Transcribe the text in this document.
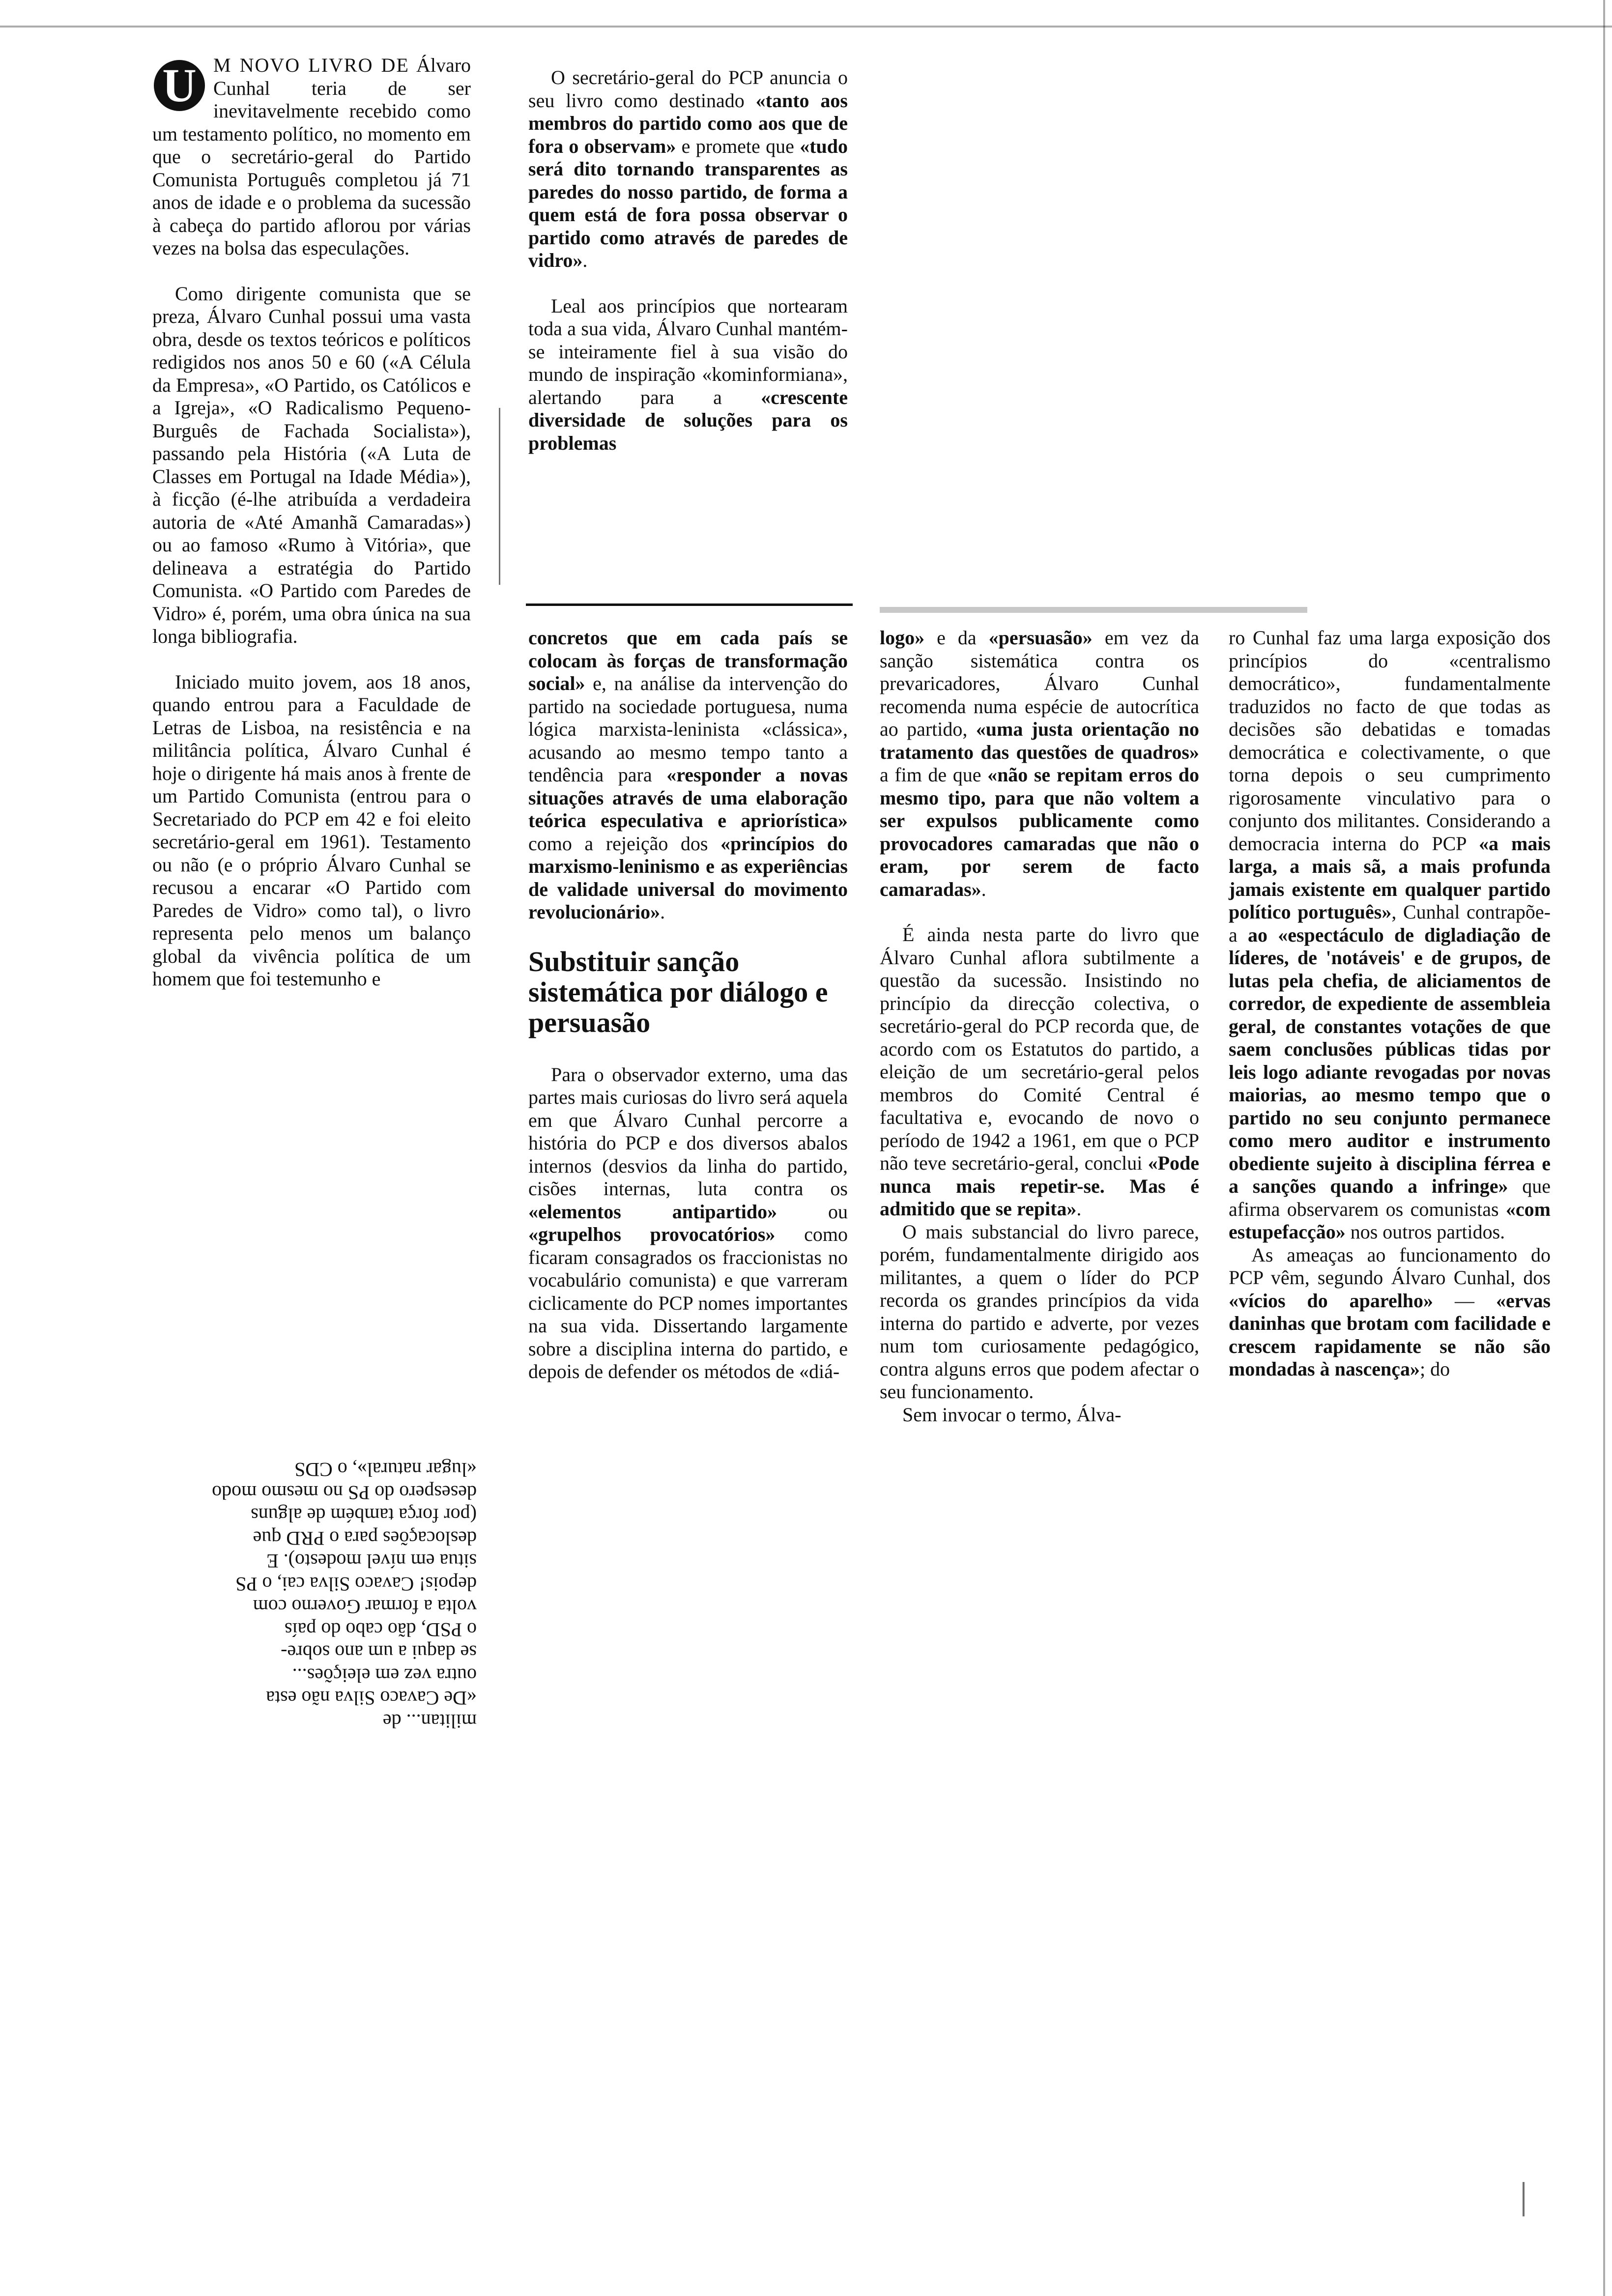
U M NOVO LIVRO DE Álvaro Cunhal teria de ser inevitavelmente recebido como um testamento político, no momento em que o secretário-geral do Partido Comunista Português completou já 71 anos de idade e o problema da sucessão à cabeça do partido aflorou por várias vezes na bolsa das especulações.

Como dirigente comunista que se preza, Álvaro Cunhal possui uma vasta obra, desde os textos teóricos e políticos redigidos nos anos 50 e 60 («A Célula da Empresa», «O Partido, os Católicos e a Igreja», «O Radicalismo Pequeno-Burguês de Fachada Socialista»), passando pela História («A Luta de Classes em Portugal na Idade Média»), à ficção (é-lhe atribuída a verdadeira autoria de «Até Amanhã Camaradas») ou ao famoso «Rumo à Vitória», que delineava a estratégia do Partido Comunista. «O Partido com Paredes de Vidro» é, porém, uma obra única na sua longa bibliografia.

Iniciado muito jovem, aos 18 anos, quando entrou para a Faculdade de Letras de Lisboa, na resistência e na militância política, Álvaro Cunhal é hoje o dirigente há mais anos à frente de um Partido Comunista (entrou para o Secretariado do PCP em 42 e foi eleito secretário-geral em 1961). Testamento ou não (e o próprio Álvaro Cunhal se recusou a encarar «O Partido com Paredes de Vidro» como tal), o livro representa pelo menos um balanço global da vivência política de um homem que foi testemunho e

militan... de

«De Cavaco Silva não esta

outra vez em eleições...

se daqui a um ano sobre-

o PSD, dão cabo do país

volta a formar Governo com

depois! Cavaco Silva cai, o PS

situa em nível modesto). E

deslocações para o PRD que

(por força também de alguns

desespero do PS no mesmo modo

«lugar natural», o CDS

O secretário-geral do PCP anuncia o seu livro como destinado «tanto aos membros do partido como aos que de fora o observam» e promete que «tudo será dito tornando transparentes as paredes do nosso partido, de forma a quem está de fora possa observar o partido como através de paredes de vidro».

Leal aos princípios que nortearam toda a sua vida, Álvaro Cunhal mantém-se inteiramente fiel à sua visão do mundo de inspiração «kominformiana», alertando para a «crescente diversidade de soluções para os problemas

concretos que em cada país se colocam às forças de transformação social» e, na análise da intervenção do partido na sociedade portuguesa, numa lógica marxista-leninista «clássica», acusando ao mesmo tempo tanto a tendência para «responder a novas situações através de uma elaboração teórica especulativa e apriorística» como a rejeição dos «princípios do marxismo-leninismo e as experiências de validade universal do movimento revolucionário».

Substituir sanção sistemática por diálogo e persuasão

Para o observador externo, uma das partes mais curiosas do livro será aquela em que Álvaro Cunhal percorre a história do PCP e dos diversos abalos internos (desvios da linha do partido, cisões internas, luta contra os «elementos antipartido» ou «grupelhos provocatórios» como ficaram consagrados os fraccionistas no vocabulário comunista) e que varreram ciclicamente do PCP nomes importantes na sua vida. Dissertando largamente sobre a disciplina interna do partido, e depois de defender os métodos de «diá-

logo» e da «persuasão» em vez da sanção sistemática contra os prevaricadores, Álvaro Cunhal recomenda numa espécie de autocrítica ao partido, «uma justa orientação no tratamento das questões de quadros» a fim de que «não se repitam erros do mesmo tipo, para que não voltem a ser expulsos publicamente como provocadores camaradas que não o eram, por serem de facto camaradas».

É ainda nesta parte do livro que Álvaro Cunhal aflora subtilmente a questão da sucessão. Insistindo no princípio da direcção colectiva, o secretário-geral do PCP recorda que, de acordo com os Estatutos do partido, a eleição de um secretário-geral pelos membros do Comité Central é facultativa e, evocando de novo o período de 1942 a 1961, em que o PCP não teve secretário-geral, conclui «Pode nunca mais repetir-se. Mas é admitido que se repita».

O mais substancial do livro parece, porém, fundamentalmente dirigido aos militantes, a quem o líder do PCP recorda os grandes princípios da vida interna do partido e adverte, por vezes num tom curiosamente pedagógico, contra alguns erros que podem afectar o seu funcionamento.

Sem invocar o termo, Álva-

ro Cunhal faz uma larga exposição dos princípios do «centralismo democrático», fundamentalmente traduzidos no facto de que todas as decisões são debatidas e tomadas democrática e colectivamente, o que torna depois o seu cumprimento rigorosamente vinculativo para o conjunto dos militantes. Considerando a democracia interna do PCP «a mais larga, a mais sã, a mais profunda jamais existente em qualquer partido político português», Cunhal contrapõe-a ao «espectáculo de digladiação de líderes, de 'notáveis' e de grupos, de lutas pela chefia, de aliciamentos de corredor, de expediente de assembleia geral, de constantes votações de que saem conclusões públicas tidas por leis logo adiante revogadas por novas maiorias, ao mesmo tempo que o partido no seu conjunto permanece como mero auditor e instrumento obediente sujeito à disciplina férrea e a sanções quando a infringe» que afirma observarem os comunistas «com estupefacção» nos outros partidos.

As ameaças ao funcionamento do PCP vêm, segundo Álvaro Cunhal, dos «vícios do aparelho» — «ervas daninhas que brotam com facilidade e crescem rapidamente se não são mondadas à nascença»; do
